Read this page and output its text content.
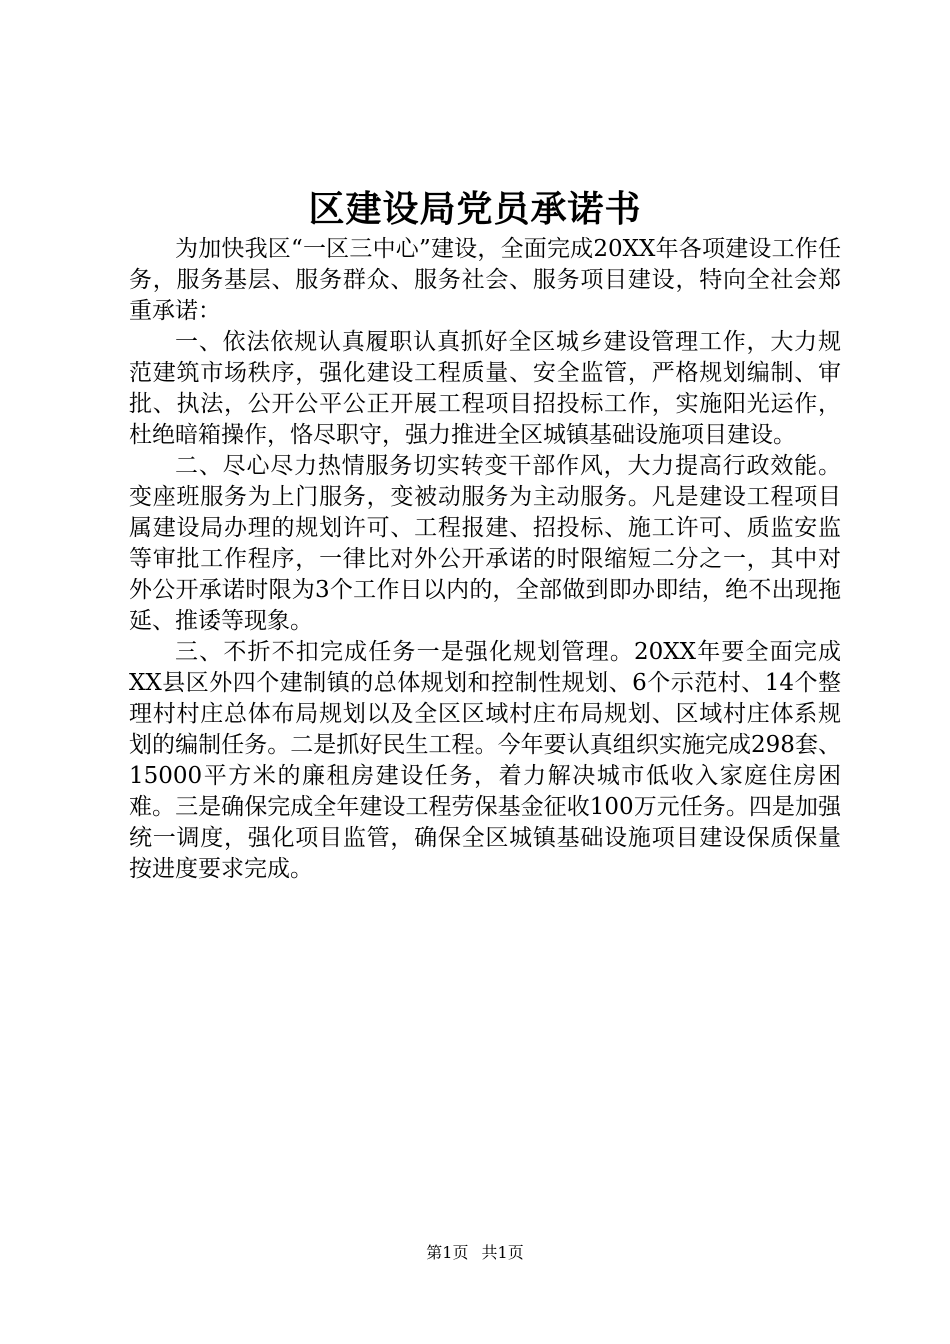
区建设局党员承诺书

为加快我区“一区三中心”建设，全面完成20XX年各项建设工作任务，服务基层、服务群众、服务社会、服务项目建设，特向全社会郑重承诺：

一、依法依规认真履职认真抓好全区城乡建设管理工作，大力规范建筑市场秩序，强化建设工程质量、安全监管，严格规划编制、审批、执法，公开公平公正开展工程项目招投标工作，实施阳光运作，杜绝暗箱操作，恪尽职守，强力推进全区城镇基础设施项目建设。

二、尽心尽力热情服务切实转变干部作风，大力提高行政效能。变座班服务为上门服务，变被动服务为主动服务。凡是建设工程项目属建设局办理的规划许可、工程报建、招投标、施工许可、质监安监等审批工作程序，一律比对外公开承诺的时限缩短二分之一，其中对外公开承诺时限为3个工作日以内的，全部做到即办即结，绝不出现拖延、推诿等现象。

三、不折不扣完成任务一是强化规划管理。20XX年要全面完成XX县区外四个建制镇的总体规划和控制性规划、6个示范村、14个整理村村庄总体布局规划以及全区区域村庄布局规划、区域村庄体系规划的编制任务。二是抓好民生工程。今年要认真组织实施完成298套、15000平方米的廉租房建设任务，着力解决城市低收入家庭住房困难。三是确保完成全年建设工程劳保基金征收100万元任务。四是加强统一调度，强化项目监管，确保全区城镇基础设施项目建设保质保量按进度要求完成。

第1页 共1页
